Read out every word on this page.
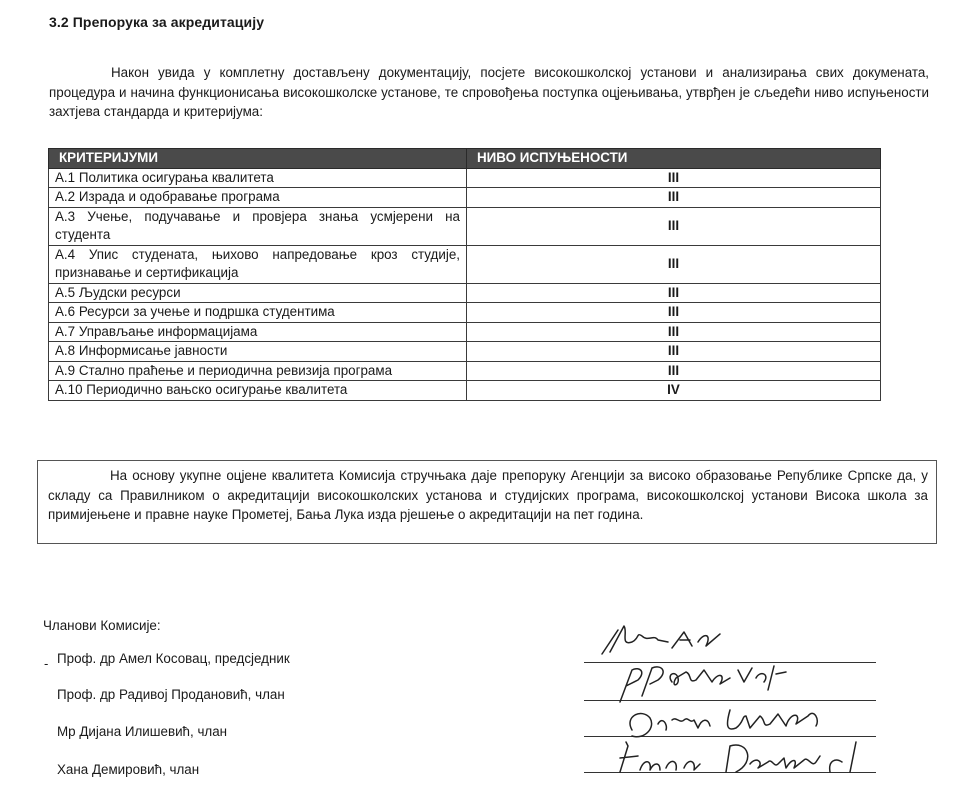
3.2 Препорука за акредитацију

Након увида у комплетну достављену документацију, посјете високошколској установи и анализирања свих докумената, процедура и начина функционисања високошколске установе, те спровођења поступка оцјењивања, утврђен је сљедећи ниво испуњености захтјева стандарда и критеријума:

КРИТЕРИЈУМИ	НИВО ИСПУЊЕНОСТИ
А.1 Политика осигурања квалитета	III
А.2 Израда и одобравање програма	III
А.3 Учење, подучавање и провјера знања усмјерени на студента	III
А.4 Упис студената, њихово напредовање кроз студије, признавање и сертификација	III
А.5 Људски ресурси	III
А.6 Ресурси за учење и подршка студентима	III
А.7 Управљање информацијама	III
А.8 Информисање јавности	III
А.9 Стално праћење и периодична ревизија програма	III
А.10 Периодично вањско осигурање квалитета	IV

На основу укупне оцјене квалитета Комисија стручњака даје препоруку Агенцији за високо образовање Републике Српске да, у складу са Правилником о акредитацији високошколских установа и студијских програма, високошколској установи Висока школа за примијењене и правне науке Прометеј, Бања Лука изда рјешење о акредитацији на пет година.

Чланови Комисије:
- Проф. др Амел Косовац, предсједник
Проф. др Радивој Продановић, члан
Мр Дијана Илишевић, члан
Хана Демировић, члан
